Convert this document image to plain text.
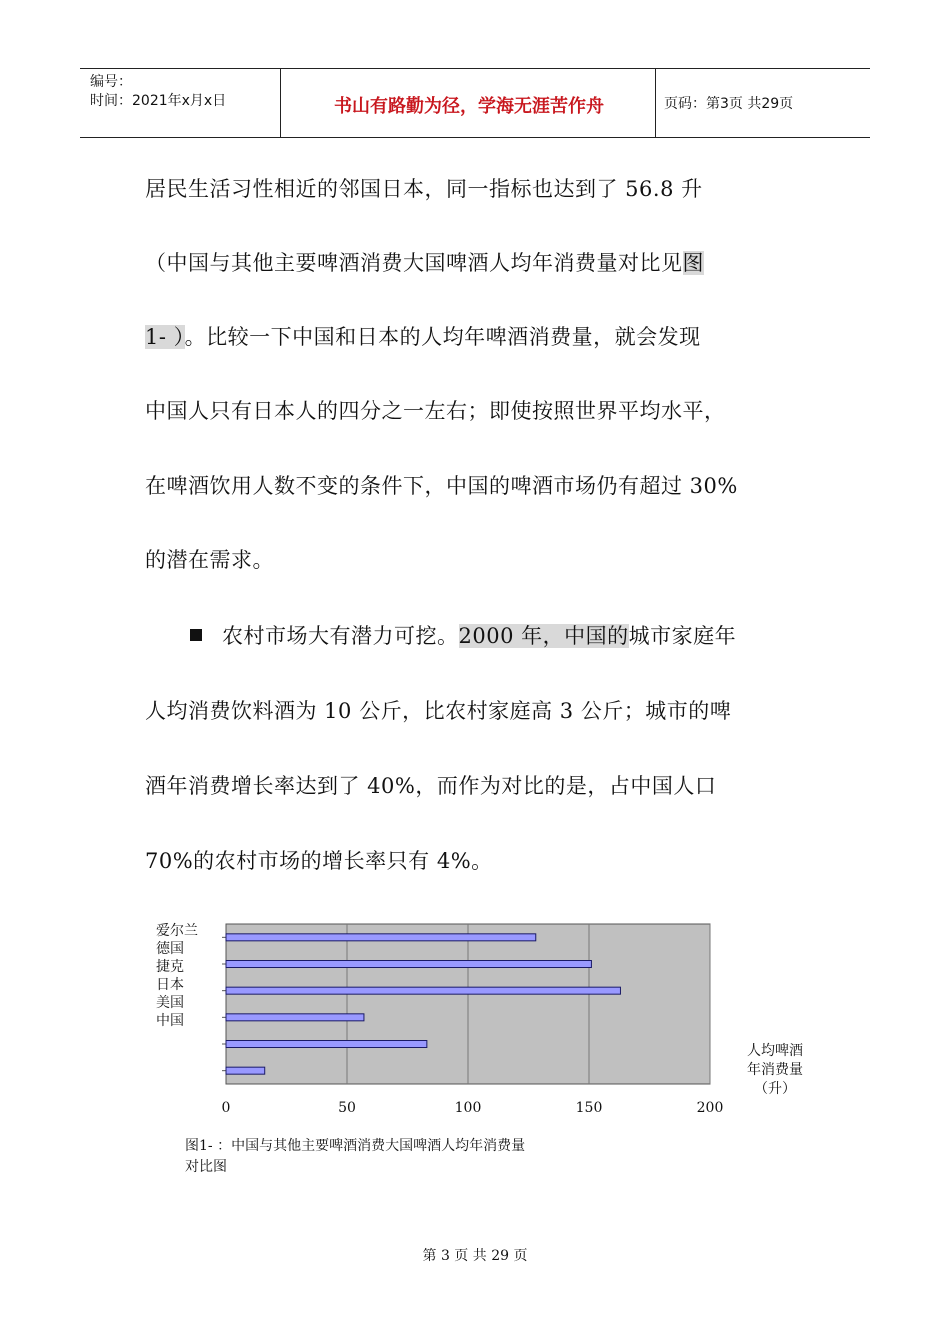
编号：
时间：2021年x月x日	书山有路勤为径，学海无涯苦作舟	页码：第3页 共29页
居民生活习性相近的邻国日本，同一指标也达到了 56.8 升
（中国与其他主要啤酒消费大国啤酒人均年消费量对比见图
1- ）。比较一下中国和日本的人均年啤酒消费量，就会发现
中国人只有日本人的四分之一左右；即使按照世界平均水平，
在啤酒饮用人数不变的条件下，中国的啤酒市场仍有超过 30%
的潜在需求。
农村市场大有潜力可挖。2000 年，中国的城市家庭年
人均消费饮料酒为 10 公斤，比农村家庭高 3 公斤；城市的啤
酒年消费增长率达到了 40%，而作为对比的是，占中国人口
70%的农村市场的增长率只有 4%。
爱尔兰
德国
捷克
日本
美国
中国
0	50	100	150	200
人均啤酒
年消费量
（升）
图1- ：中国与其他主要啤酒消费大国啤酒人均年消费量
对比图
第 3 页 共 29 页
